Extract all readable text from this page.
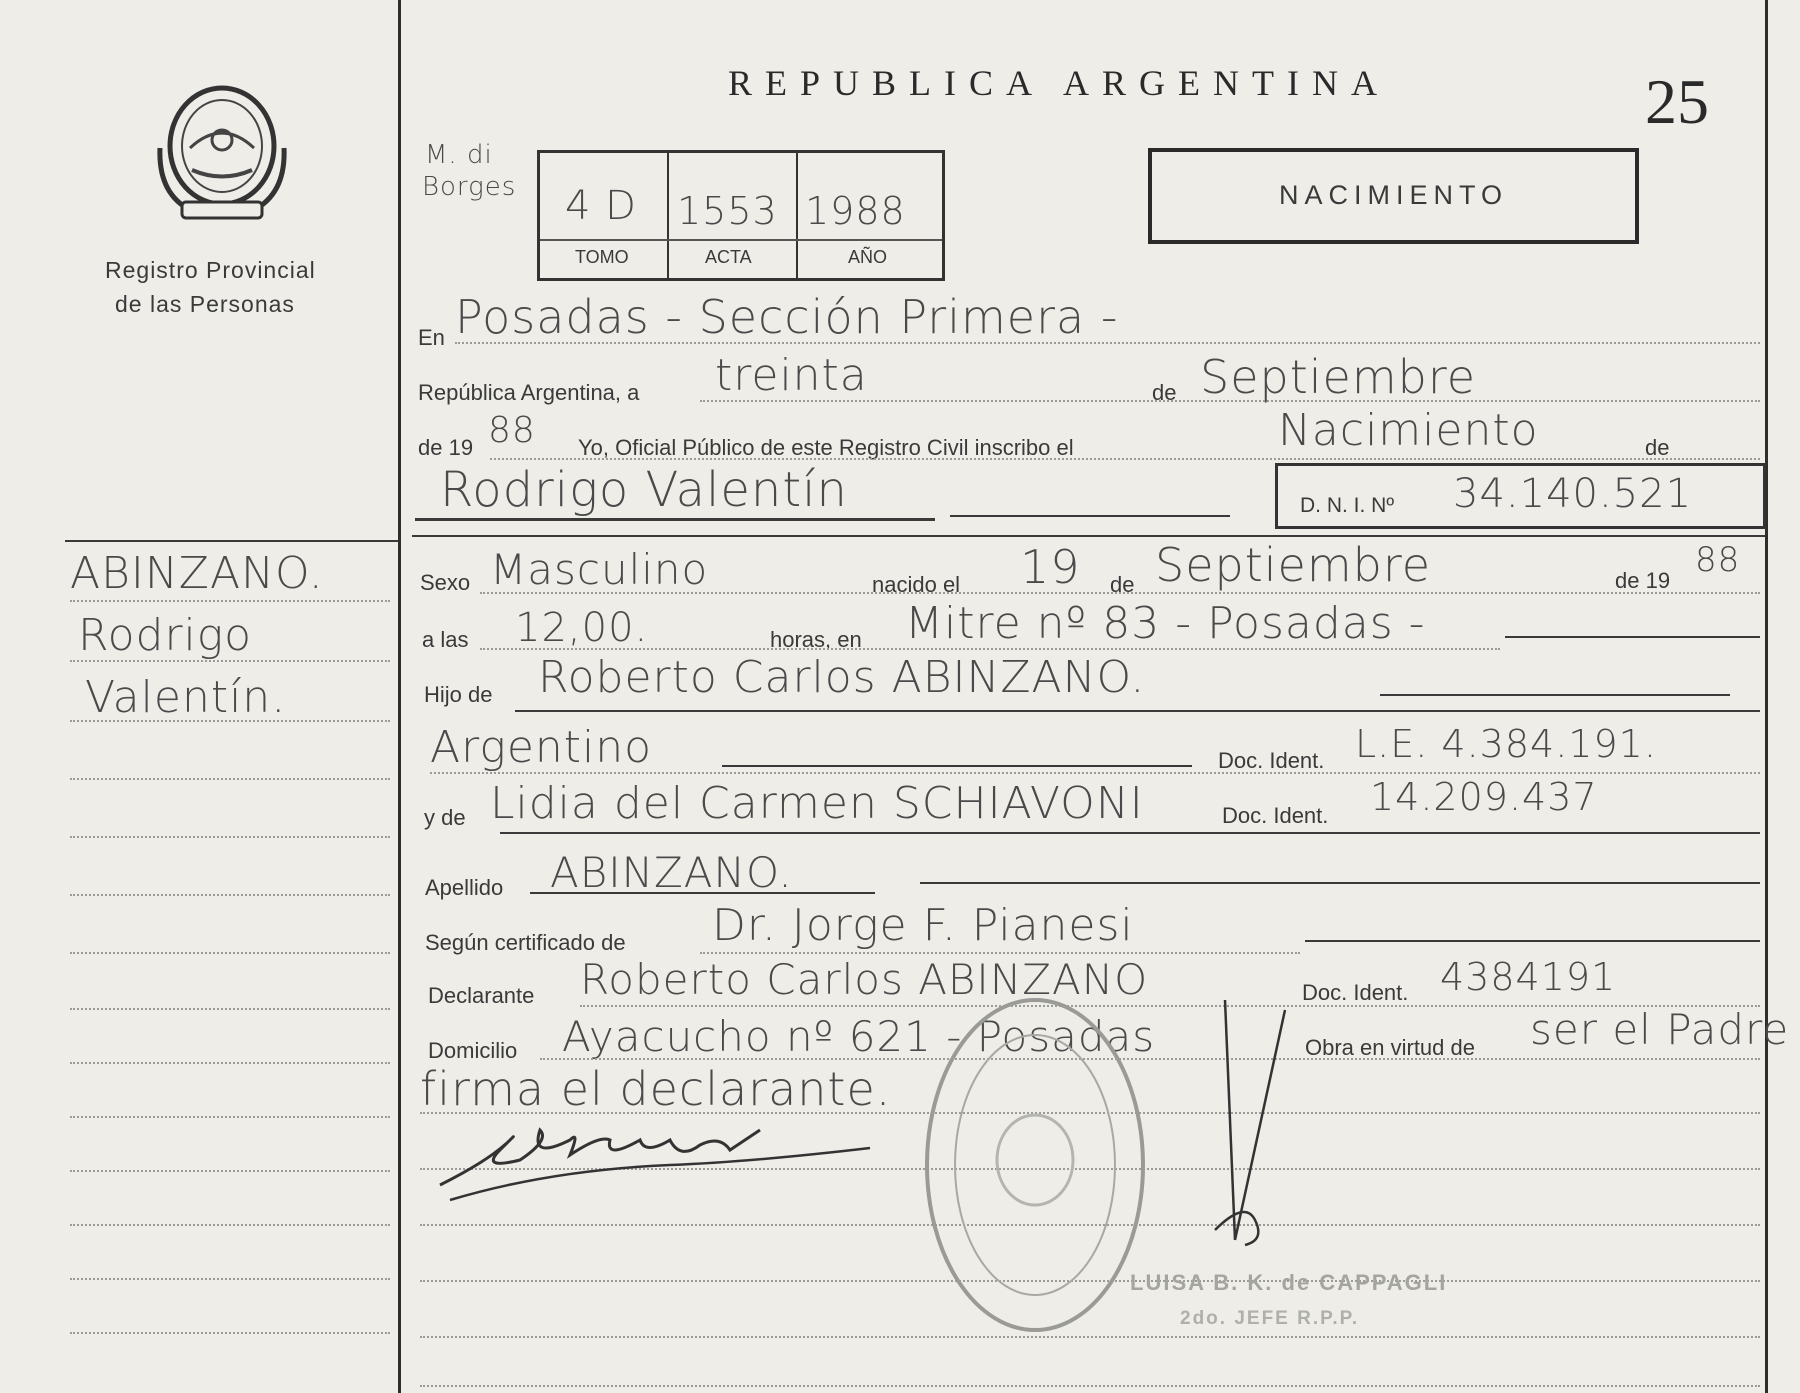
Registro Provincial
de las Personas
ABINZANO.
Rodrigo
Valentín.
REPUBLICA ARGENTINA	25
M. di
Borges 4 D 1553 1988
TOMO	ACTA	AÑO
NACIMIENTO
En Posadas - Sección Primera -
República Argentina, a treinta	de Septiembre
de 19 88 Yo, Oficial Público de este Registro Civil inscribo el	Nacimiento	de
Rodrigo Valentín	D. N. I. Nº 34.140.521
Sexo Masculino	nacido el 19 de Septiembre	de 19
88
a las 12,00.	horas, en Mitre nº 83 - Posadas -
Hijo de Roberto Carlos ABINZANO.
Argentino	Doc. Ident. L.E. 4.384.191.
y de Lidia del Carmen SCHIAVONI	Doc. Ident. 14.209.437
Apellido ABINZANO.
Según certificado de Dr. Jorge F. Pianesi
Declarante Roberto Carlos ABINZANO	Doc. Ident. 4384191
Domicilio Ayacucho nº 621 - Posadas	Obra en virtud de ser el Padre
firma el declarante.
LUISA B. K. de CAPPAGLI
2do. JEFE R.P.P.
